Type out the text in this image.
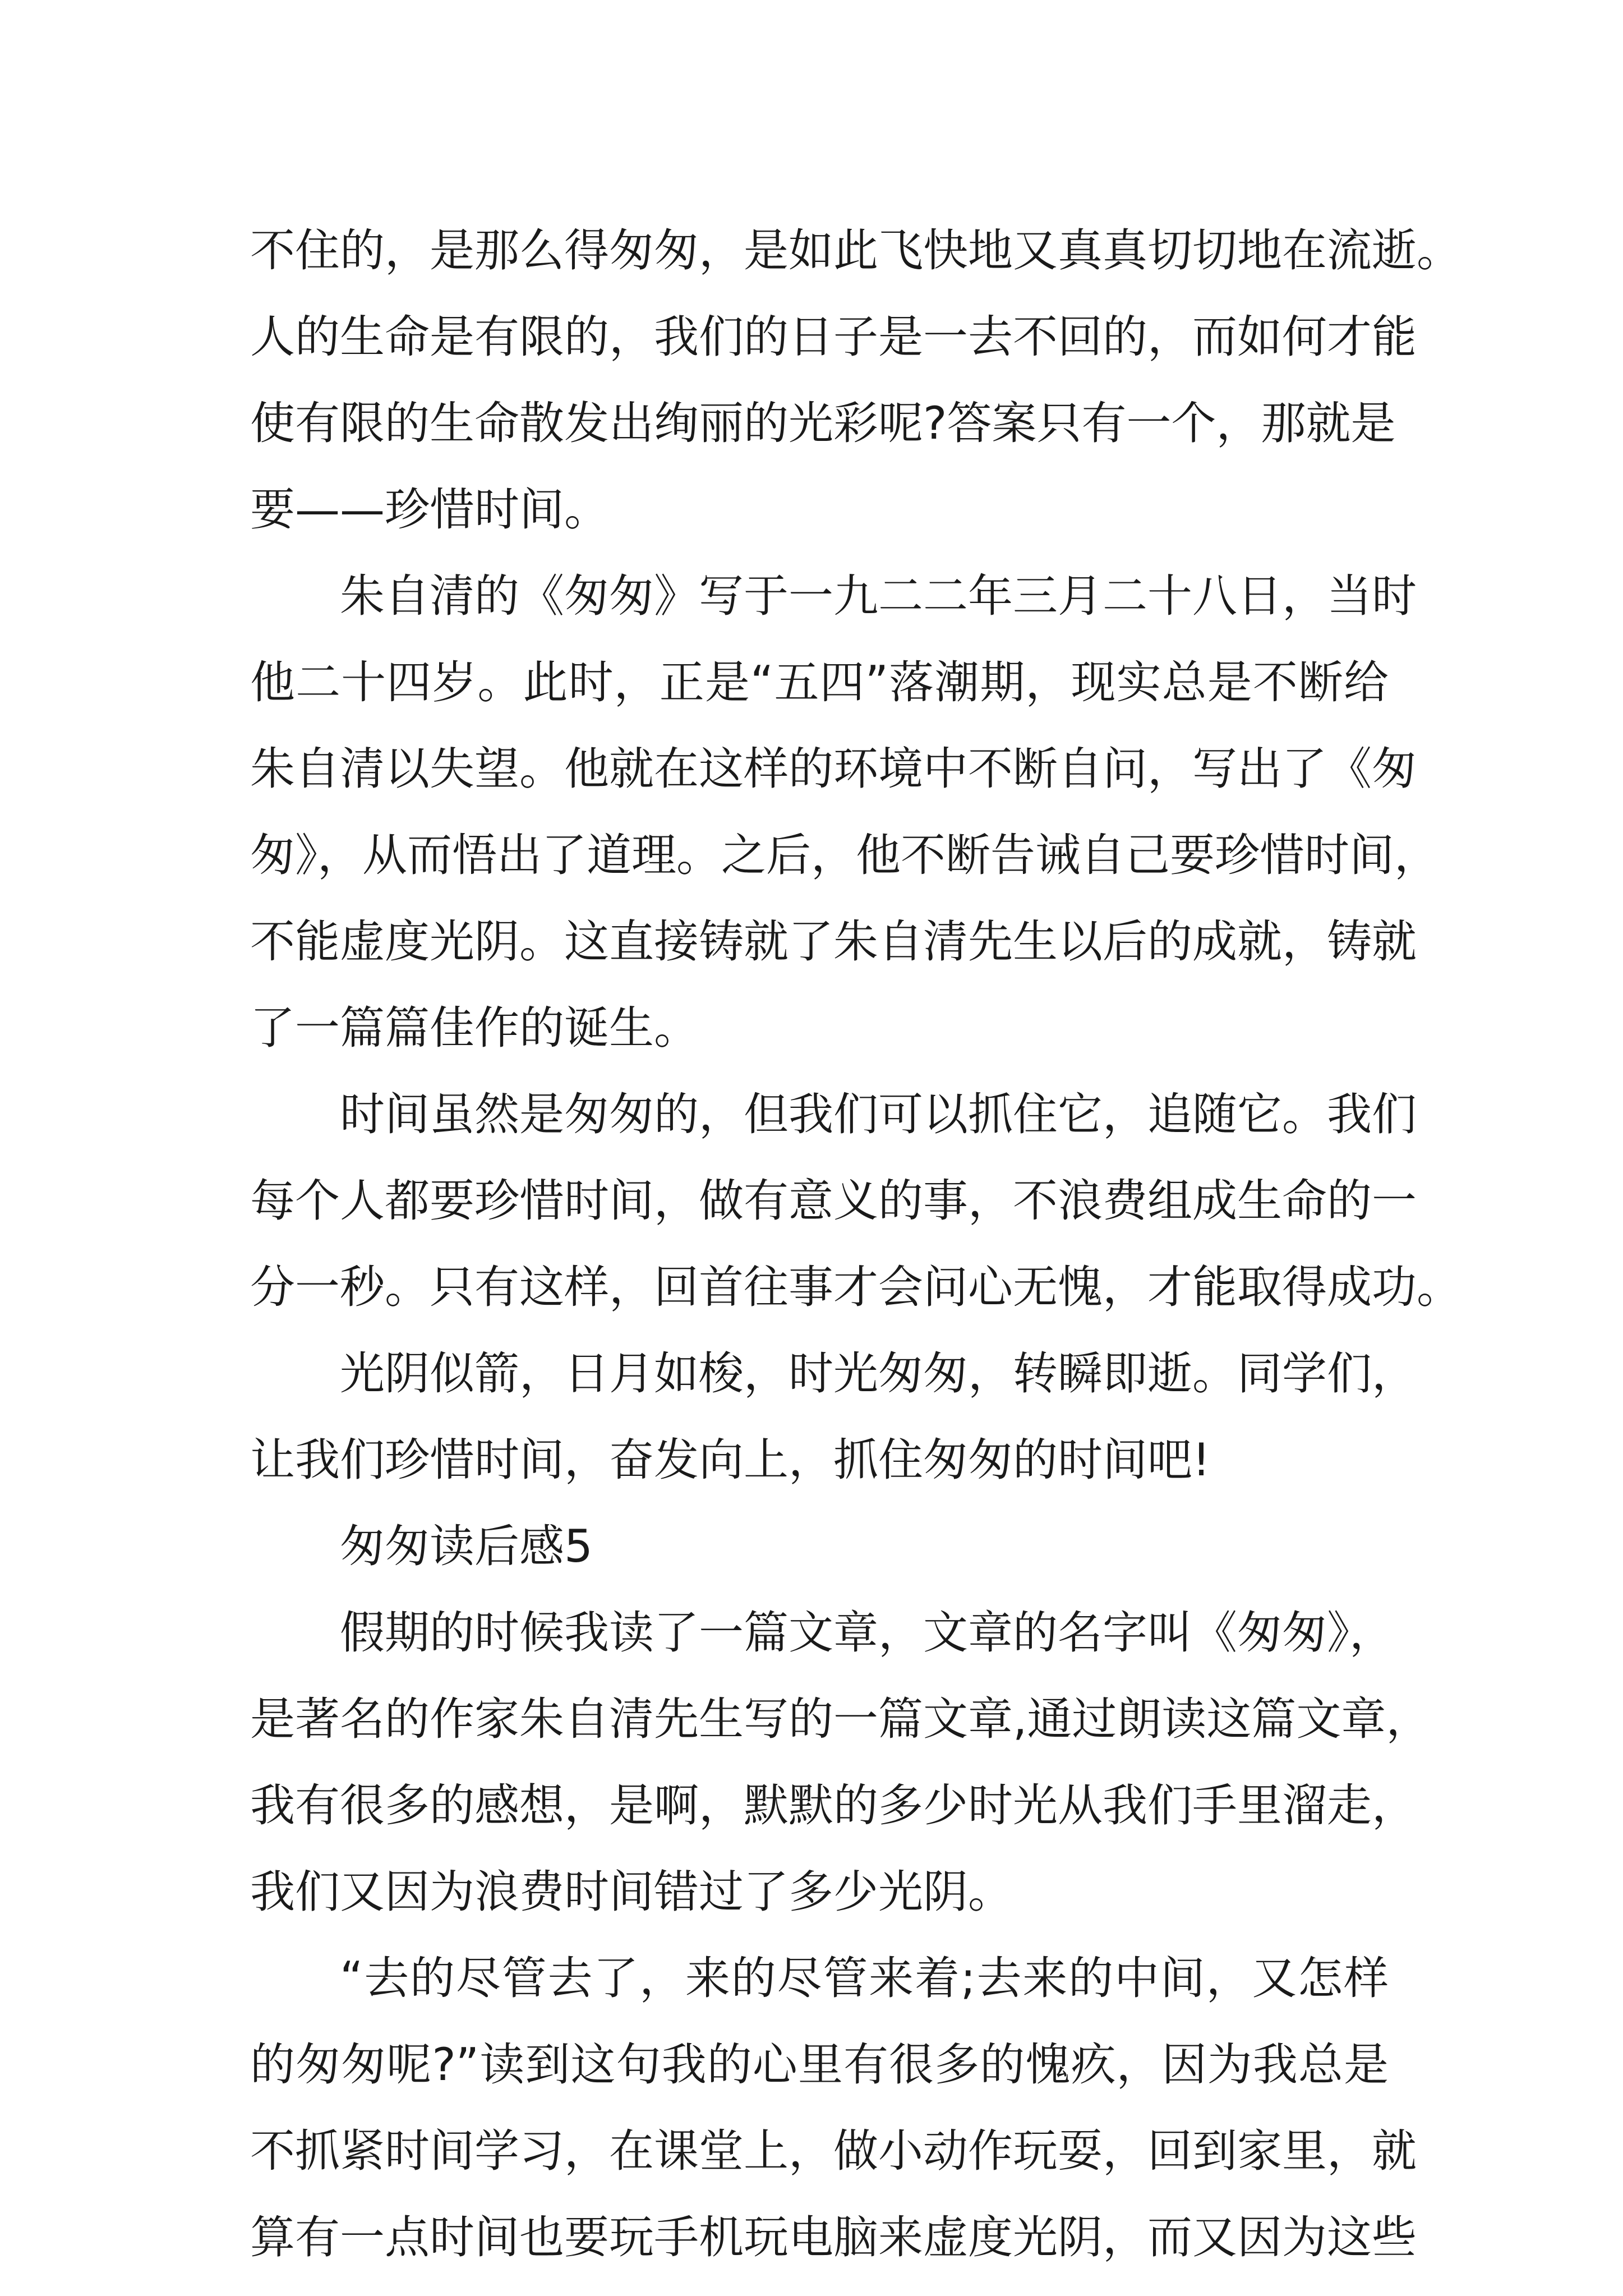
不住的，是那么得匆匆，是如此飞快地又真真切切地在流逝。
人的生命是有限的，我们的日子是一去不回的，而如何才能
使有限的生命散发出绚丽的光彩呢?答案只有一个，那就是
要——珍惜时间。
朱自清的《匆匆》写于一九二二年三月二十八日，当时
他二十四岁。此时，正是“五四”落潮期，现实总是不断给
朱自清以失望。他就在这样的环境中不断自问，写出了《匆
匆》，从而悟出了道理。之后，他不断告诫自己要珍惜时间，
不能虚度光阴。这直接铸就了朱自清先生以后的成就，铸就
了一篇篇佳作的诞生。
时间虽然是匆匆的，但我们可以抓住它，追随它。我们
每个人都要珍惜时间，做有意义的事，不浪费组成生命的一
分一秒。只有这样，回首往事才会问心无愧，才能取得成功。
光阴似箭，日月如梭，时光匆匆，转瞬即逝。同学们，
让我们珍惜时间，奋发向上，抓住匆匆的时间吧!
匆匆读后感5
假期的时候我读了一篇文章，文章的名字叫《匆匆》，
是著名的作家朱自清先生写的一篇文章,通过朗读这篇文章，
我有很多的感想，是啊，默默的多少时光从我们手里溜走，
我们又因为浪费时间错过了多少光阴。
“去的尽管去了，来的尽管来着;去来的中间，又怎样
的匆匆呢?”读到这句我的心里有很多的愧疚，因为我总是
不抓紧时间学习，在课堂上，做小动作玩耍，回到家里，就
算有一点时间也要玩手机玩电脑来虚度光阴，而又因为这些
